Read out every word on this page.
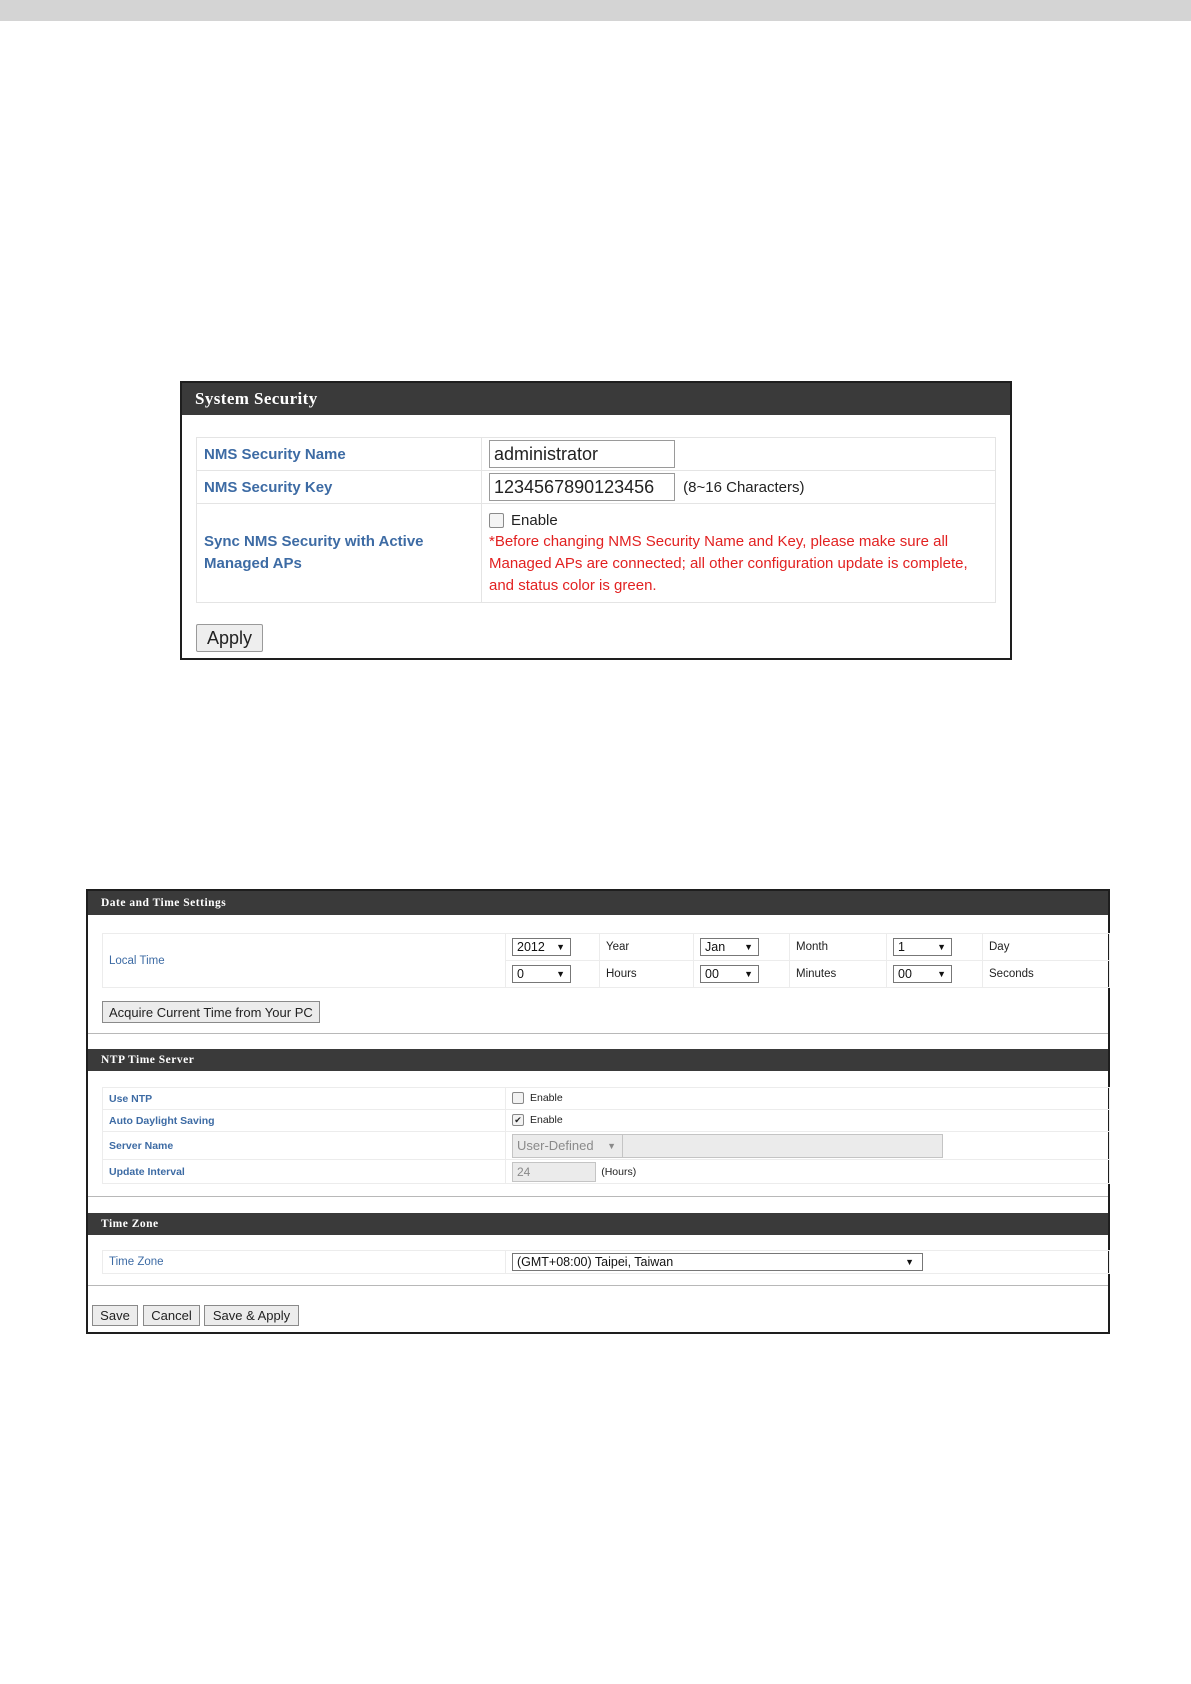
System Security
NMS Security Name	administrator
NMS Security Key	1234567890123456 (8~16 Characters)
Sync NMS Security with Active Managed APs	Enable
*Before changing NMS Security Name and Key, please make sure all Managed APs are connected; all other configuration update is complete, and status color is green.
Apply
Date and Time Settings
Local Time	2012 ▼	Year	Jan ▼	Month	1 ▼	Day
	0 ▼	Hours	00 ▼	Minutes	00 ▼	Seconds
Acquire Current Time from Your PC
NTP Time Server
Use NTP	Enable
Auto Daylight Saving	✔ Enable
Server Name	User-Defined ▼

Update Interval	24 (Hours)
Time Zone
Time Zone	(GMT+08:00) Taipei, Taiwan	▼
Save	Cancel	Save & Apply
